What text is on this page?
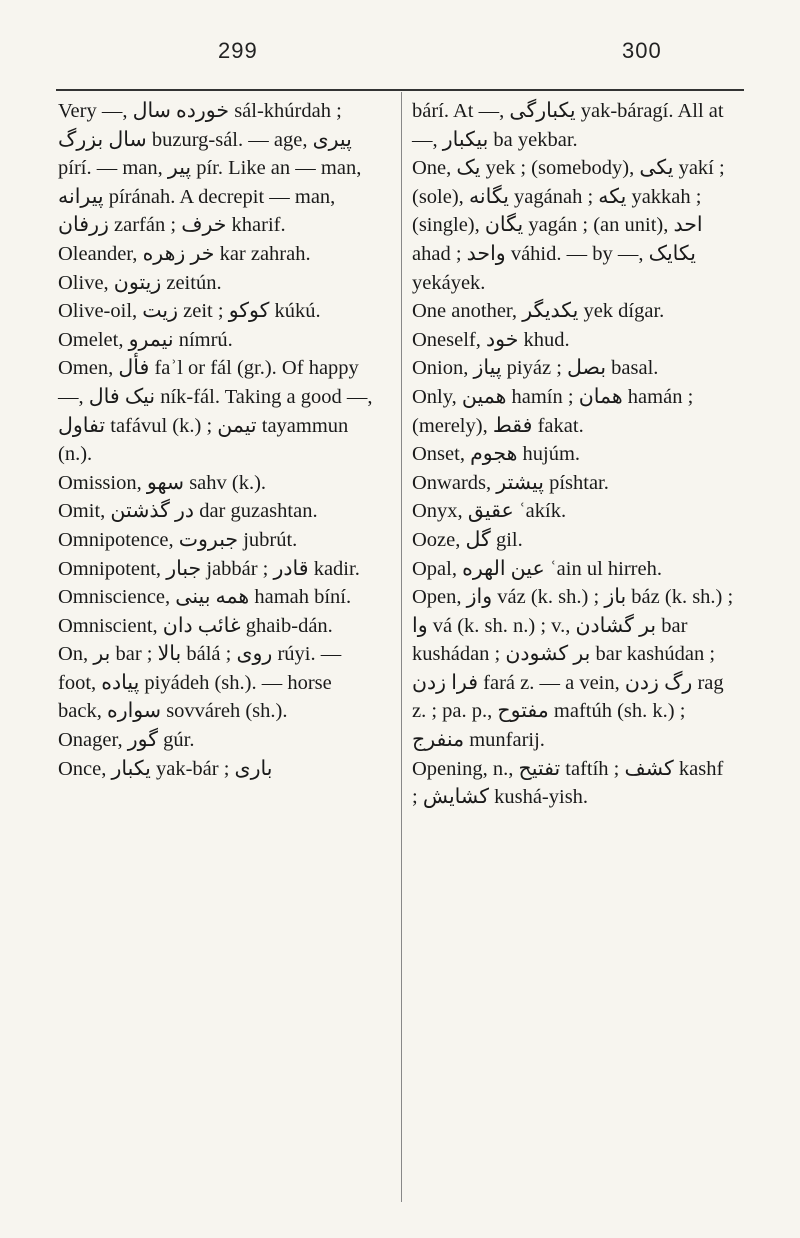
299	300

Very —, خورده سال sál-khúrdah ; سال بزرگ buzurg-sál. — age, پیری pírí. — man, پیر pír. Like an — man, پیرانه píránah. A decrepit — man, زرفان zarfán ; خرف kharif.

Oleander, خر زهره kar zahrah.

Olive, زیتون zeitún.

Olive-oil, زیت zeit ; کوکو kúkú.

Omelet, نیمرو nímrú.

Omen, فأل faʾl or fál (gr.). Of happy —, نیک فال ník-fál. Taking a good —, تفاول tafávul (k.) ; تیمن tayammun (n.).

Omission, سهو sahv (k.).

Omit, در گذشتن dar guzashtan.

Omnipotence, جبروت jubrút.

Omnipotent, جبار jabbár ; قادر kadir.

Omniscience, همه بینی hamah bíní.

Omniscient, غائب دان ghaib-dán.

On, بر bar ; بالا bálá ; روی rúyi. — foot, پیاده piyádeh (sh.). — horse back, سواره sovváreh (sh.).

Onager, گور gúr.

Once, یکبار yak-bár ; باری

bárí. At —, یکبارگی yak-báragí. All at —, بیکبار ba yekbar.

One, یک yek ; (somebody), یکی yakí ; (sole), یگانه yagánah ; یکه yakkah ; (single), یگان yagán ; (an unit), احد ahad ; واحد váhid. — by —, یکایک yekáyek.

One another, یکدیگر yek dígar.

Oneself, خود khud.

Onion, پیاز piyáz ; بصل basal.

Only, همین hamín ; همان hamán ; (merely), فقط fakat.

Onset, هجوم hujúm.

Onwards, پیشتر píshtar.

Onyx, عقیق ʿakík.

Ooze, گل gil.

Opal, عين الهره ʿain ul hirreh.

Open, واز váz (k. sh.) ; باز báz (k. sh.) ; وا vá (k. sh. n.) ; v., بر گشادن bar kushádan ; بر کشودن bar kashúdan ; فرا زدن fará z. — a vein, رگ زدن rag z. ; pa. p., مفتوح maftúh (sh. k.) ; منفرج munfarij.

Opening, n., تفتیح taftíh ; کشف kashf ; کشایش kushá-yish.
